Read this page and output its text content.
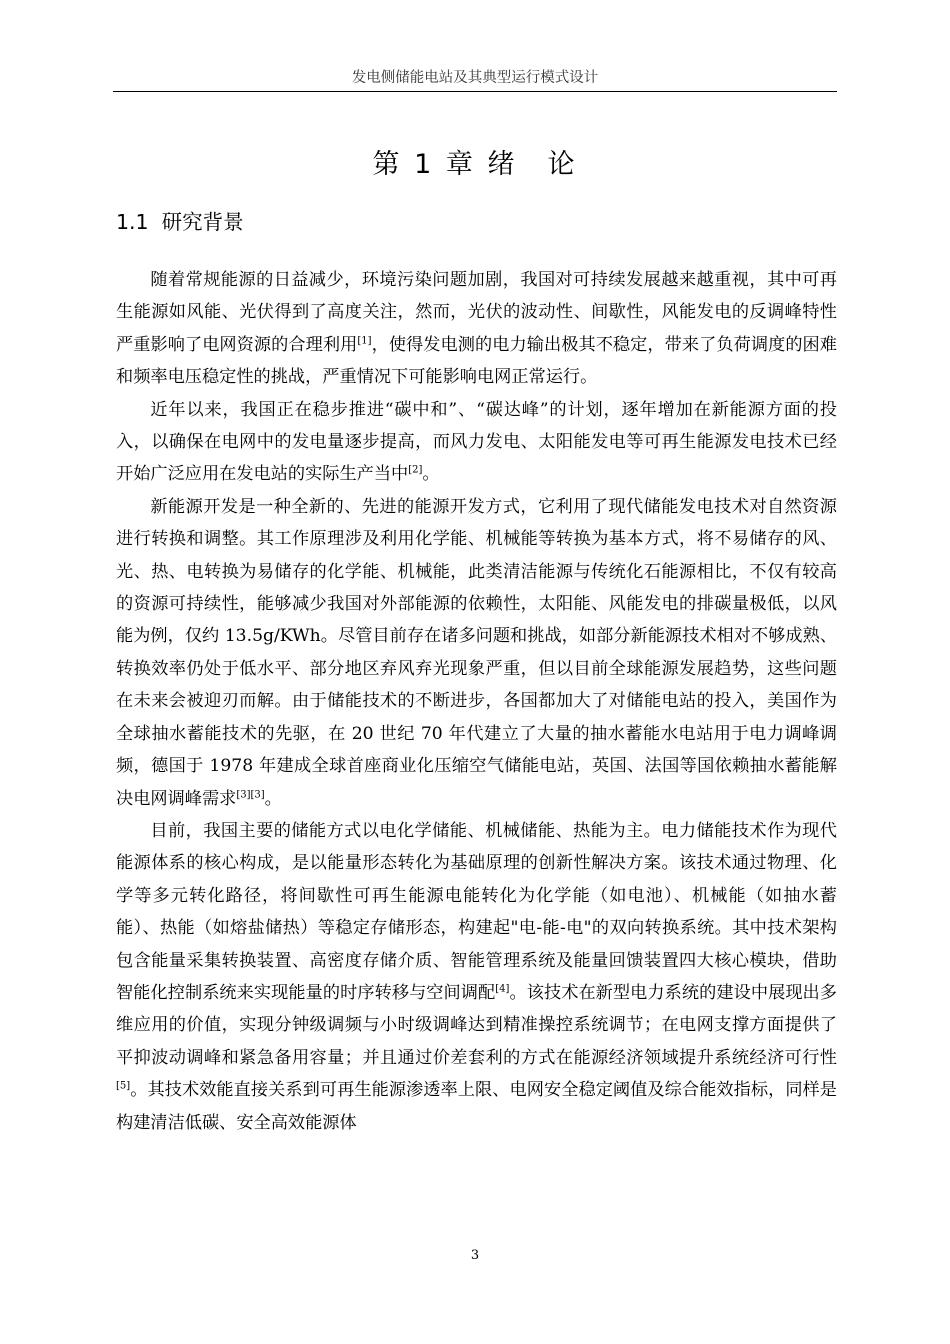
发电侧储能电站及其典型运行模式设计
第 1 章 绪　论
1.1 研究背景

随着常规能源的日益减少，环境污染问题加剧，我国对可持续发展越来越重视，其中可再生能源如风能、光伏得到了高度关注，然而，光伏的波动性、间歇性，风能发电的反调峰特性严重影响了电网资源的合理利用[1]，使得发电测的电力输出极其不稳定，带来了负荷调度的困难和频率电压稳定性的挑战，严重情况下可能影响电网正常运行。

近年以来，我国正在稳步推进“碳中和”、“碳达峰”的计划，逐年增加在新能源方面的投入，以确保在电网中的发电量逐步提高，而风力发电、太阳能发电等可再生能源发电技术已经开始广泛应用在发电站的实际生产当中[2]。

新能源开发是一种全新的、先进的能源开发方式，它利用了现代储能发电技术对自然资源进行转换和调整。其工作原理涉及利用化学能、机械能等转换为基本方式，将不易储存的风、光、热、电转换为易储存的化学能、机械能，此类清洁能源与传统化石能源相比，不仅有较高的资源可持续性，能够减少我国对外部能源的依赖性，太阳能、风能发电的排碳量极低，以风能为例，仅约 13.5g/KWh。尽管目前存在诸多问题和挑战，如部分新能源技术相对不够成熟、转换效率仍处于低水平、部分地区弃风弃光现象严重，但以目前全球能源发展趋势，这些问题在未来会被迎刃而解。由于储能技术的不断进步，各国都加大了对储能电站的投入，美国作为全球抽水蓄能技术的先驱，在 20 世纪 70 年代建立了大量的抽水蓄能水电站用于电力调峰调频，德国于 1978 年建成全球首座商业化压缩空气储能电站，英国、法国等国依赖抽水蓄能解决电网调峰需求[3][3]。

目前，我国主要的储能方式以电化学储能、机械储能、热能为主。电力储能技术作为现代能源体系的核心构成，是以能量形态转化为基础原理的创新性解决方案。该技术通过物理、化学等多元转化路径，将间歇性可再生能源电能转化为化学能（如电池）、机械能（如抽水蓄能）、热能（如熔盐储热）等稳定存储形态，构建起"电-能-电"的双向转换系统。其中技术架构包含能量采集转换装置、高密度存储介质、智能管理系统及能量回馈装置四大核心模块，借助智能化控制系统来实现能量的时序转移与空间调配[4]。该技术在新型电力系统的建设中展现出多维应用的价值，实现分钟级调频与小时级调峰达到精准操控系统调节；在电网支撑方面提供了平抑波动调峰和紧急备用容量；并且通过价差套利的方式在能源经济领域提升系统经济可行性[5]。其技术效能直接关系到可再生能源渗透率上限、电网安全稳定阈值及综合能效指标，同样是构建清洁低碳、安全高效能源体

3
